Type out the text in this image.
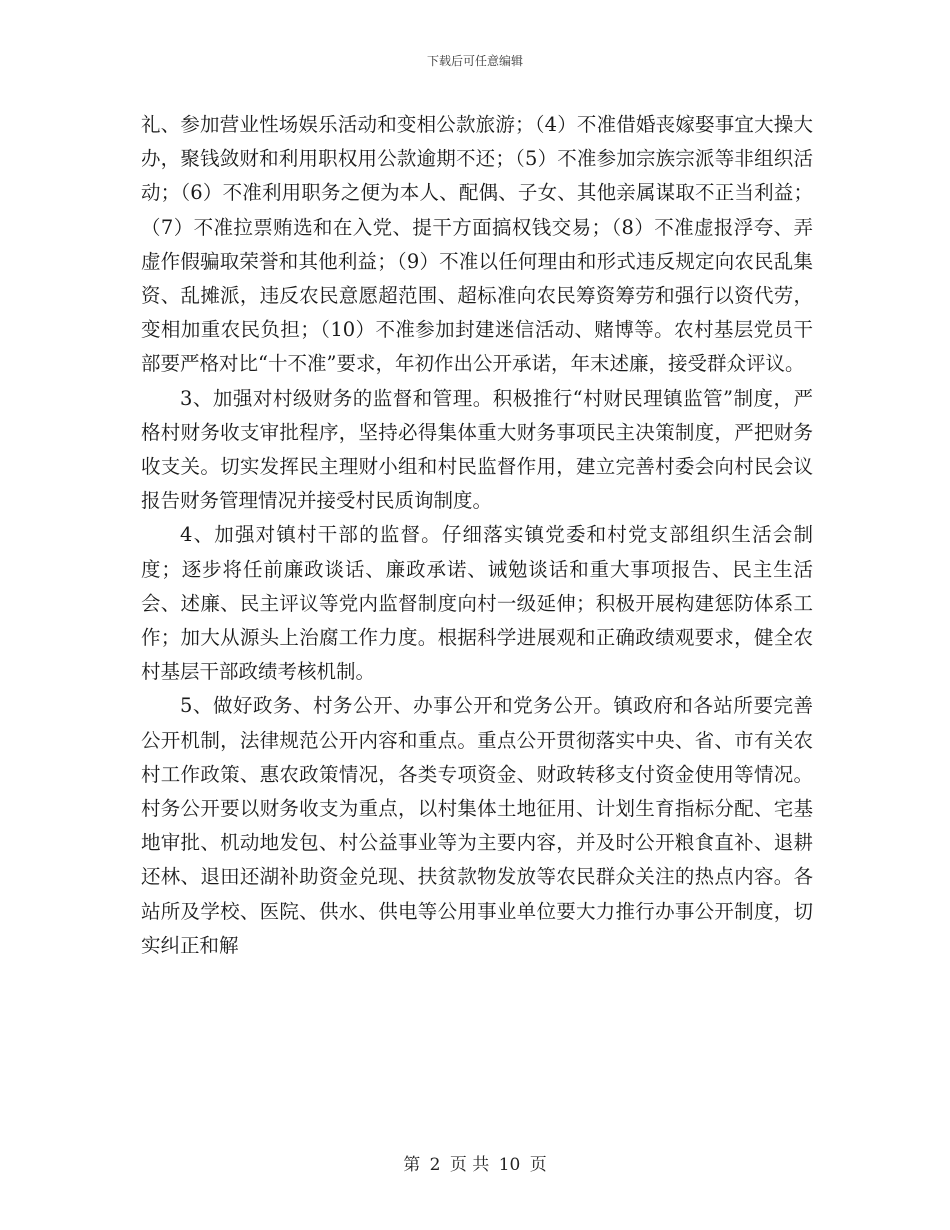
下载后可任意编辑

礼、参加营业性场娱乐活动和变相公款旅游；（4）不准借婚丧嫁娶事宜大操大办，聚钱敛财和利用职权用公款逾期不还；（5）不准参加宗族宗派等非组织活动；（6）不准利用职务之便为本人、配偶、子女、其他亲属谋取不正当利益；（7）不准拉票贿选和在入党、提干方面搞权钱交易；（8）不准虚报浮夸、弄虚作假骗取荣誉和其他利益；（9）不准以任何理由和形式违反规定向农民乱集资、乱摊派，违反农民意愿超范围、超标准向农民筹资筹劳和强行以资代劳，变相加重农民负担；（10）不准参加封建迷信活动、赌博等。农村基层党员干部要严格对比“十不准”要求，年初作出公开承诺，年末述廉，接受群众评议。

3、加强对村级财务的监督和管理。积极推行“村财民理镇监管”制度，严格村财务收支审批程序，坚持必得集体重大财务事项民主决策制度，严把财务收支关。切实发挥民主理财小组和村民监督作用，建立完善村委会向村民会议报告财务管理情况并接受村民质询制度。

4、加强对镇村干部的监督。仔细落实镇党委和村党支部组织生活会制度；逐步将任前廉政谈话、廉政承诺、诫勉谈话和重大事项报告、民主生活会、述廉、民主评议等党内监督制度向村一级延伸；积极开展构建惩防体系工作；加大从源头上治腐工作力度。根据科学进展观和正确政绩观要求，健全农村基层干部政绩考核机制。

5、做好政务、村务公开、办事公开和党务公开。镇政府和各站所要完善公开机制，法律规范公开内容和重点。重点公开贯彻落实中央、省、市有关农村工作政策、惠农政策情况，各类专项资金、财政转移支付资金使用等情况。村务公开要以财务收支为重点，以村集体土地征用、计划生育指标分配、宅基地审批、机动地发包、村公益事业等为主要内容，并及时公开粮食直补、退耕还林、退田还湖补助资金兑现、扶贫款物发放等农民群众关注的热点内容。各站所及学校、医院、供水、供电等公用事业单位要大力推行办事公开制度，切实纠正和解

第 2 页 共 10 页
